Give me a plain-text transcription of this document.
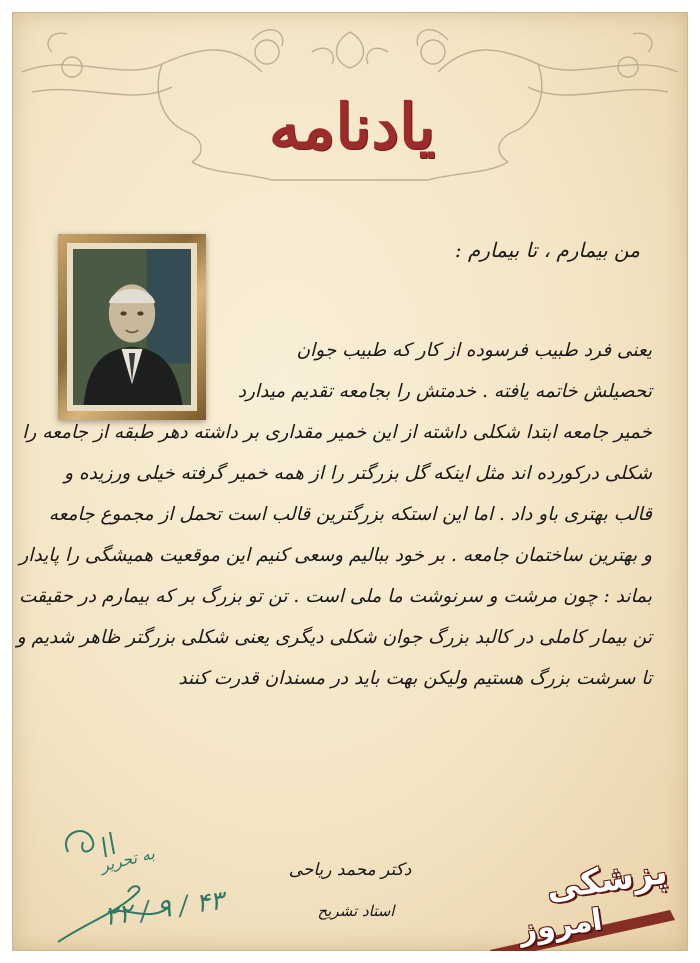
یادنامه
من بیمارم ، تا بیمارم :
یعنی فرد طبیب فرسوده از کار که طبیب جوان
تحصیلش خاتمه یافته . خدمتش را بجامعه تقدیم میدارد
خمیر جامعه ابتدا شکلی داشته از این خمیر مقداری بر داشته دهر طبقه از جامعه را
شکلی درکورده اند مثل اینکه گل بزرگتر را از همه خمیر گرفته خیلی ورزیده و
قالب بهتری باو داد . اما این استکه بزرگترین قالب است تحمل از مجموع جامعه
و بهترین ساختمان جامعه . بر خود ببالیم وسعی کنیم این موقعیت همیشگی را پایدار
بماند : چون مرشت و سرنوشت ما ملی است . تن تو بزرگ بر که بیمارم در حقیقت
تن بیمار کاملی در کالبد بزرگ جوان شکلی دیگری یعنی شکلی بزرگتر ظاهر شدیم و
تا سرشت بزرگ هستیم ولیکن بهت باید در مسندان قدرت کنند
دکتر محمد ریاحی
استاد تشریح
به تحریر
۲۲ / ۹ / ۴۳
پزشکی
امروز
